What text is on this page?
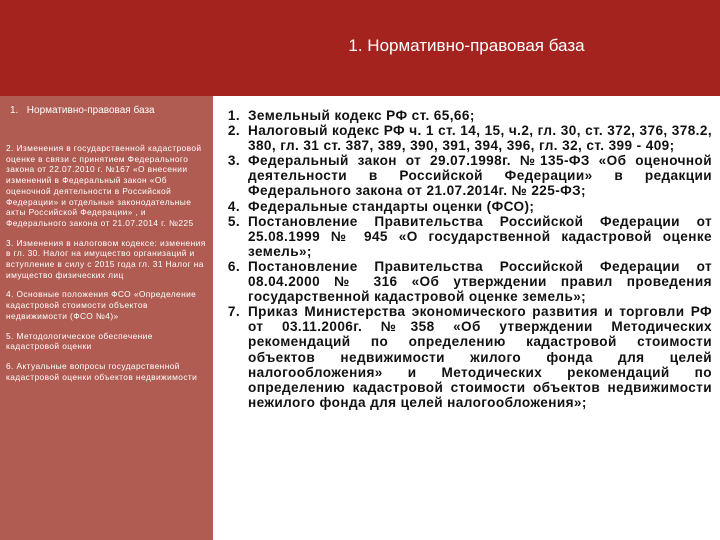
1. Нормативно-правовая база
1. Нормативно-правовая база
2. Изменения в государственной кадастровой оценке в связи с принятием Федерального закона от 22.07.2010 г. №167 «О внесении изменений в Федеральный закон «Об оценочной деятельности в Российской Федерации» и отдельные законодательные акты Российской Федерации» , и Федерального закона от 21.07.2014 г. №225
3. Изменения в налоговом кодексе: изменения в гл. 30. Налог на имущество организаций и вступление в силу с 2015 года гл. 31 Налог на имущество физических лиц
4. Основные положения ФСО «Определение кадастровой стоимости объектов недвижимости (ФСО №4)»
5. Методологическое обеспечение кадастровой оценки
6. Актуальные вопросы государственной кадастровой оценки объектов недвижимости
1. Земельный кодекс РФ ст. 65,66;
2. Налоговый кодекс РФ ч. 1 ст. 14, 15, ч.2, гл. 30, ст. 372, 376, 378.2, 380, гл. 31 ст. 387, 389, 390, 391, 394, 396, гл. 32, ст. 399 - 409;
3. Федеральный закон от 29.07.1998г. №135-ФЗ «Об оценочной деятельности в Российской Федерации» в редакции Федерального закона от 21.07.2014г. № 225-ФЗ;
4. Федеральные стандарты оценки (ФСО);
5. Постановление Правительства Российской Федерации от 25.08.1999 № 945 «О государственной кадастровой оценке земель»;
6. Постановление Правительства Российской Федерации от 08.04.2000 № 316 «Об утверждении правил проведения государственной кадастровой оценке земель»;
7. Приказ Министерства экономического развития и торговли РФ от 03.11.2006г. №358 «Об утверждении Методических рекомендаций по определению кадастровой стоимости объектов недвижимости жилого фонда для целей налогообложения» и Методических рекомендаций по определению кадастровой стоимости объектов недвижимости нежилого фонда для целей налогообложения»;
